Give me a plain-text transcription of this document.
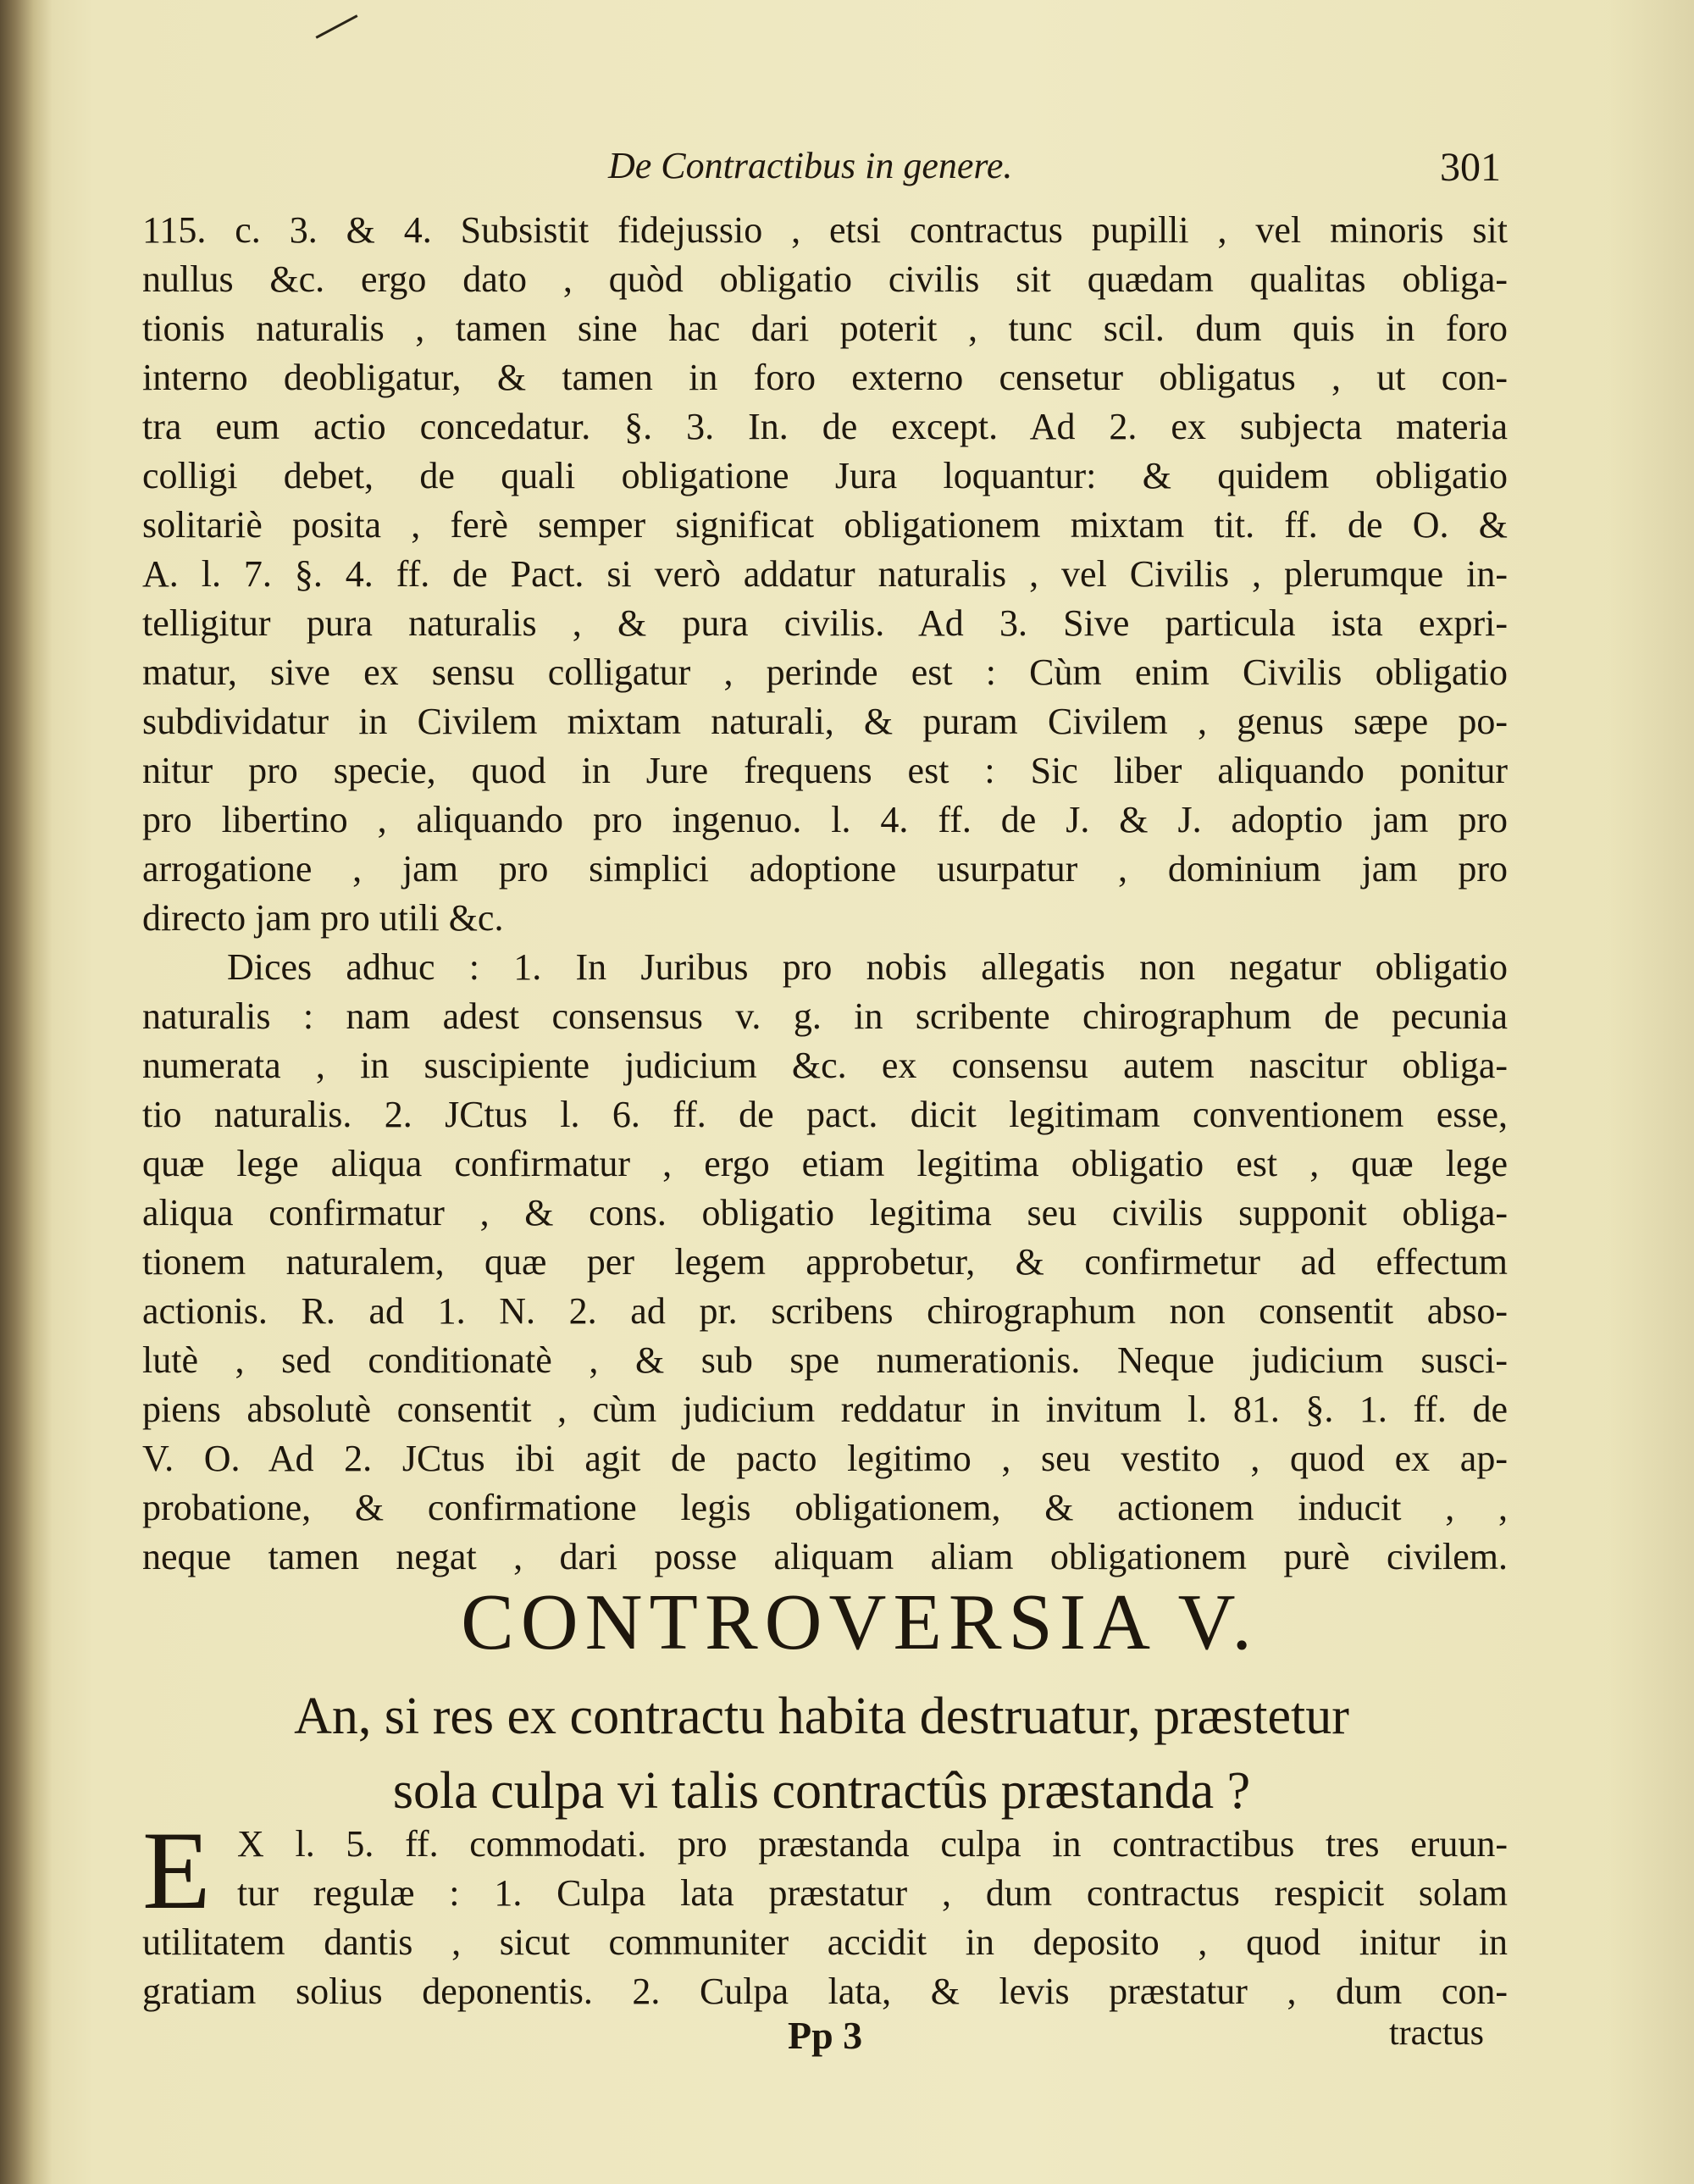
De Contractibus in genere.	301
115. c. 3. & 4. Subsistit fidejussio , etsi contractus pupilli , vel minoris sit
nullus &c. ergo dato , quòd obligatio civilis sit quædam qualitas obliga-
tionis naturalis , tamen sine hac dari poterit , tunc scil. dum quis in foro
interno deobligatur, & tamen in foro externo censetur obligatus , ut con-
tra eum actio concedatur. §. 3. In. de except. Ad 2. ex subjecta materia
colligi debet, de quali obligatione Jura loquantur: & quidem obligatio
solitariè posita , ferè semper significat obligationem mixtam tit. ff. de O. &
A. l. 7. §. 4. ff. de Pact. si verò addatur naturalis , vel Civilis , plerumque in-
telligitur pura naturalis , & pura civilis. Ad 3. Sive particula ista expri-
matur, sive ex sensu colligatur , perinde est : Cùm enim Civilis obligatio
subdividatur in Civilem mixtam naturali, & puram Civilem , genus sæpe po-
nitur pro specie, quod in Jure frequens est : Sic liber aliquando ponitur
pro libertino , aliquando pro ingenuo. l. 4. ff. de J. & J. adoptio jam pro
arrogatione , jam pro simplici adoptione usurpatur , dominium jam pro
directo jam pro utili &c.
Dices adhuc : 1. In Juribus pro nobis allegatis non negatur obligatio
naturalis : nam adest consensus v. g. in scribente chirographum de pecunia
numerata , in suscipiente judicium &c. ex consensu autem nascitur obliga-
tio naturalis. 2. JCtus l. 6. ff. de pact. dicit legitimam conventionem esse,
quæ lege aliqua confirmatur , ergo etiam legitima obligatio est , quæ lege
aliqua confirmatur , & cons. obligatio legitima seu civilis supponit obliga-
tionem naturalem, quæ per legem approbetur, & confirmetur ad effectum
actionis. R. ad 1. N. 2. ad pr. scribens chirographum non consentit abso-
lutè , sed conditionatè , & sub spe numerationis. Neque judicium susci-
piens absolutè consentit , cùm judicium reddatur in invitum l. 81. §. 1. ff. de
V. O. Ad 2. JCtus ibi agit de pacto legitimo , seu vestito , quod ex ap-
probatione, & confirmatione legis obligationem, & actionem inducit , ,
neque tamen negat , dari posse aliquam aliam obligationem purè civilem.
CONTROVERSIA V.
An, si res ex contractu habita destruatur, præstetur
sola culpa vi talis contractûs præstanda ?
E X l. 5. ff. commodati. pro præstanda culpa in contractibus tres eruun-
tur regulæ : 1. Culpa lata præstatur , dum contractus respicit solam
utilitatem dantis , sicut communiter accidit in deposito , quod initur in
gratiam solius deponentis. 2. Culpa lata, & levis præstatur , dum con-
Pp 3	tractus
